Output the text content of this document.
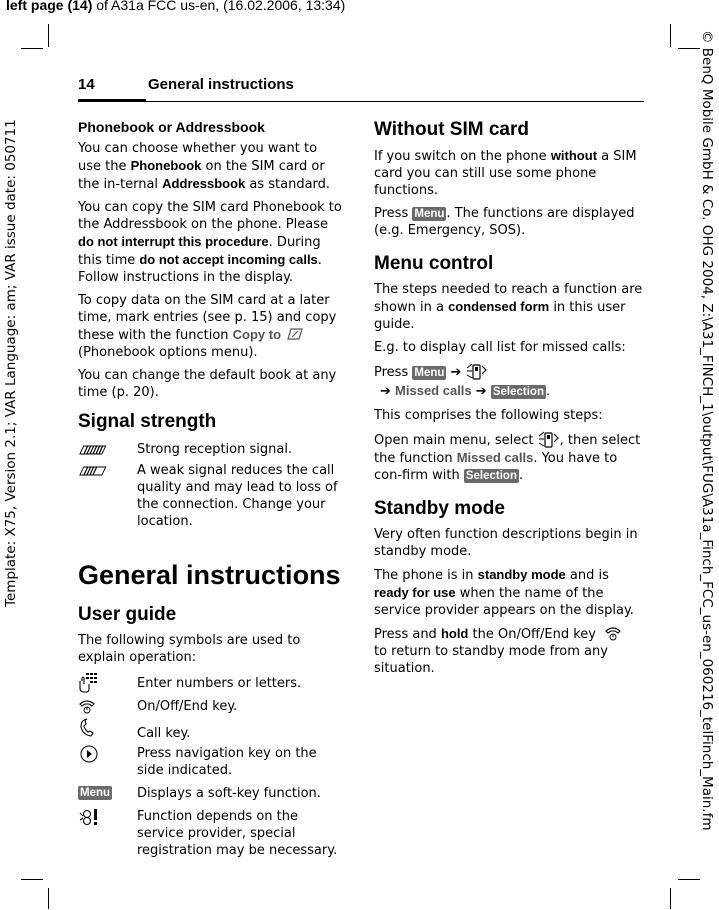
left page (14) of A31a FCC us-en, (16.02.2006, 13:34)
Template: X75, Version 2.1; VAR Language: am; VAR issue date: 050711	© BenQ Mobile GmbH & Co. OHG 2004, Z:\A31_FINCH_1\output\FUG\A31a_Finch_FCC_us-en_060216_telFinch_Main.fm
14	General instructions
Phonebook or Addressbook

You can choose whether you want to use the Phonebook on the SIM card or the in-ternal Addressbook as standard.

You can copy the SIM card Phonebook to the Addressbook on the phone. Please do not interrupt this procedure. During this time do not accept incoming calls. Follow instructions in the display.

To copy data on the SIM card at a later time, mark entries (see p. 15) and copy these with the function Copy to  (Phonebook options menu).

You can change the default book at any time (p. 20).

Signal strength
Strong reception signal.
A weak signal reduces the call quality and may lead to loss of the connection. Change your location.
General instructions
User guide

The following symbols are used to explain operation:

Enter numbers or letters.
On/Off/End key.
Call key.
Press navigation key on the side indicated.
Menu Displays a soft-key function.
Function depends on the service provider, special registration may be necessary.
Without SIM card

If you switch on the phone without a SIM card you can still use some phone functions.

Press Menu . The functions are displayed (e.g. Emergency, SOS).

Menu control

The steps needed to reach a function are shown in a condensed form in this user guide.

E.g. to display call list for missed calls:

Press Menu ➔
➔ Missed calls ➔ Selection .

This comprises the following steps:

Open main menu, select , then select the function Missed calls. You have to con-firm with Selection .

Standby mode

Very often function descriptions begin in standby mode.

The phone is in standby mode and is ready for use when the name of the service provider appears on the display.

Press and hold the On/Off/End key
to return to standby mode from any situation.
